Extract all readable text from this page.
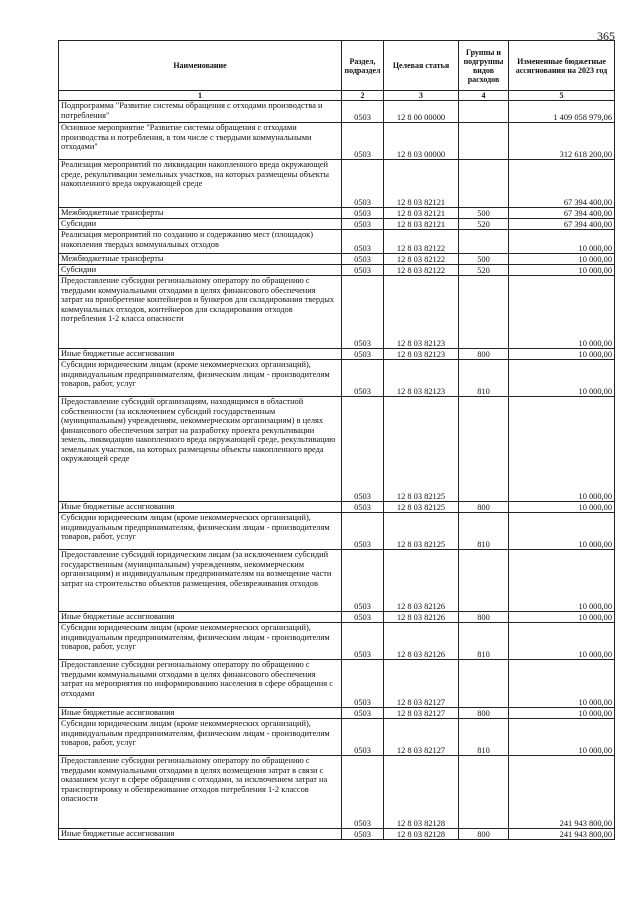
365
Наименование	Раздел, подраздел	Целевая статья	Группы и подгруппы видов расходов	Измененные бюджетные ассигнования на 2023 год
1	2	3	4	5
Подпрограмма "Развитие системы обращения с отходами производства и потребления"	0503	12 8 00 00000		1 409 058 979,06
Основное мероприятие "Развитие системы обращения с отходами производства и потребления, в том числе с твердыми коммунальными отходами"	0503	12 8 03 00000		312 618 200,00
Реализация мероприятий по ликвидации накопленного вреда окружающей среде, рекультивации земельных участков, на которых размещены объекты накопленного вреда окружающей среде	0503	12 8 03 82121		67 394 400,00
Межбюджетные трансферты	0503	12 8 03 82121	500	67 394 400,00
Субсидии	0503	12 8 03 82121	520	67 394 400,00
Реализация мероприятий по созданию и содержанию мест (площадок) накопления твердых коммунальных отходов	0503	12 8 03 82122		10 000,00
Межбюджетные трансферты	0503	12 8 03 82122	500	10 000,00
Субсидии	0503	12 8 03 82122	520	10 000,00
Предоставление субсидии региональному оператору по обращению с твердыми коммунальными отходами в целях финансового обеспечения затрат на приобретение контейнеров и бункеров для складирования твердых коммунальных отходов, контейнеров для складирования отходов потребления 1-2 класса опасности	0503	12 8 03 82123		10 000,00
Иные бюджетные ассигнования	0503	12 8 03 82123	800	10 000,00
Субсидии юридическим лицам (кроме некоммерческих организаций), индивидуальным предпринимателям, физическим лицам - производителям товаров, работ, услуг	0503	12 8 03 82123	810	10 000,00
Предоставление субсидий организациям, находящимся в областной собственности (за исключением субсидий государственным (муниципальным) учреждениям, некоммерческим организациям) в целях финансового обеспечения затрат на разработку проекта рекультивации земель, ликвидацию накопленного вреда окружающей среде, рекультивацию земельных участков, на которых размещены объекты накопленного вреда окружающей среде	0503	12 8 03 82125		10 000,00
Иные бюджетные ассигнования	0503	12 8 03 82125	800	10 000,00
Субсидии юридическим лицам (кроме некоммерческих организаций), индивидуальным предпринимателям, физическим лицам - производителям товаров, работ, услуг	0503	12 8 03 82125	810	10 000,00
Предоставление субсидий юридическим лицам (за исключением субсидий государственным (муниципальным) учреждениям, некоммерческим организациям) и индивидуальным предпринимателям на возмещение части затрат на строительство объектов размещения, обезвреживания отходов	0503	12 8 03 82126		10 000,00
Иные бюджетные ассигнования	0503	12 8 03 82126	800	10 000,00
Субсидии юридическим лицам (кроме некоммерческих организаций), индивидуальным предпринимателям, физическим лицам - производителям товаров, работ, услуг	0503	12 8 03 82126	810	10 000,00
Предоставление субсидии региональному оператору по обращению с твердыми коммунальными отходами в целях финансового обеспечения затрат на мероприятия по информированию населения в сфере обращения с отходами	0503	12 8 03 82127		10 000,00
Иные бюджетные ассигнования	0503	12 8 03 82127	800	10 000,00
Субсидии юридическим лицам (кроме некоммерческих организаций), индивидуальным предпринимателям, физическим лицам - производителям товаров, работ, услуг	0503	12 8 03 82127	810	10 000,00
Предоставление субсидии региональному оператору по обращению с твердыми коммунальными отходами в целях возмещения затрат в связи с оказанием услуг в сфере обращения с отходами, за исключением затрат на транспортировку и обезвреживание отходов потребления 1-2 классов опасности	0503	12 8 03 82128		241 943 800,00
Иные бюджетные ассигнования	0503	12 8 03 82128	800	241 943 800,00
